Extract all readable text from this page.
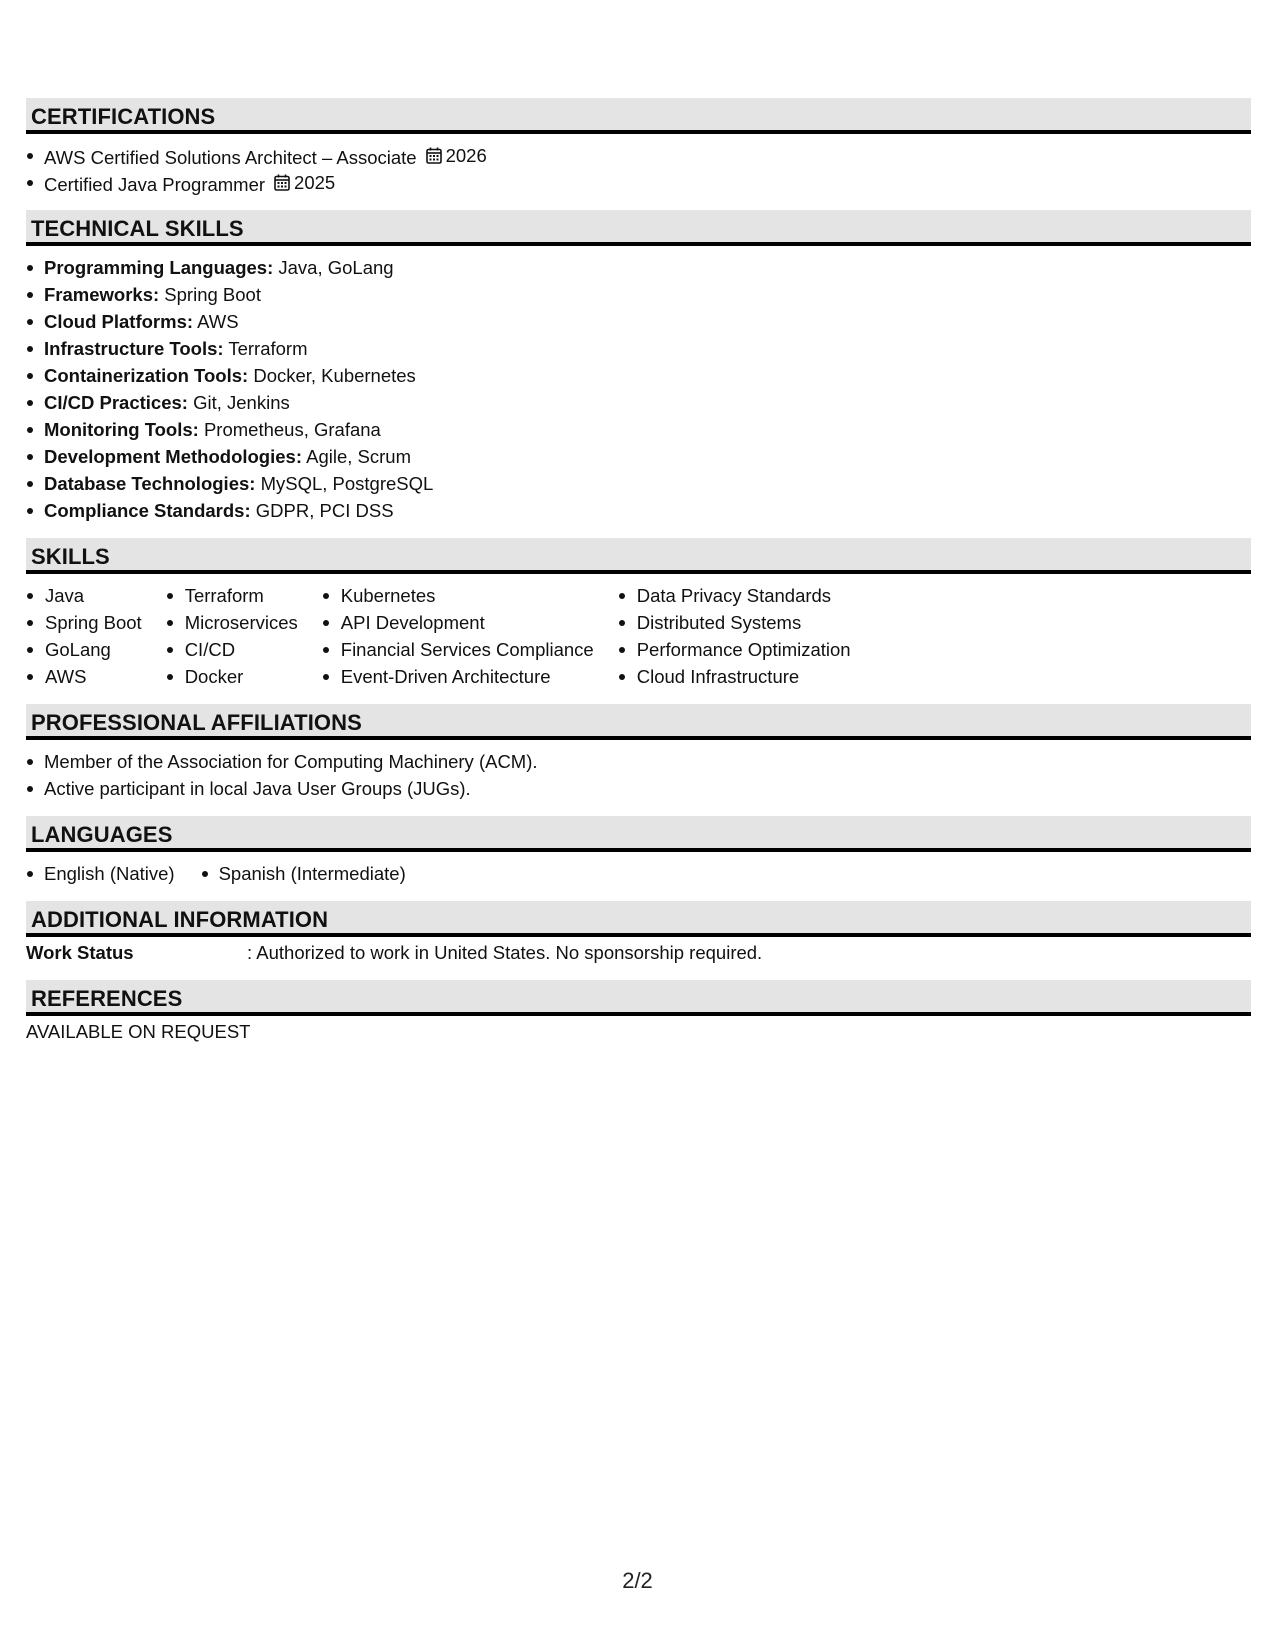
CERTIFICATIONS
AWS Certified Solutions Architect – Associate 2026
Certified Java Programmer 2025
TECHNICAL SKILLS
Programming Languages: Java, GoLang
Frameworks: Spring Boot
Cloud Platforms: AWS
Infrastructure Tools: Terraform
Containerization Tools: Docker, Kubernetes
CI/CD Practices: Git, Jenkins
Monitoring Tools: Prometheus, Grafana
Development Methodologies: Agile, Scrum
Database Technologies: MySQL, PostgreSQL
Compliance Standards: GDPR, PCI DSS
SKILLS
Java
Spring Boot
GoLang
AWS
Terraform
Microservices
CI/CD
Docker
Kubernetes
API Development
Financial Services Compliance
Event-Driven Architecture
Data Privacy Standards
Distributed Systems
Performance Optimization
Cloud Infrastructure
PROFESSIONAL AFFILIATIONS
Member of the Association for Computing Machinery (ACM).
Active participant in local Java User Groups (JUGs).
LANGUAGES
English (Native)	Spanish (Intermediate)
ADDITIONAL INFORMATION
Work Status	: Authorized to work in United States. No sponsorship required.
REFERENCES
AVAILABLE ON REQUEST
2/2
